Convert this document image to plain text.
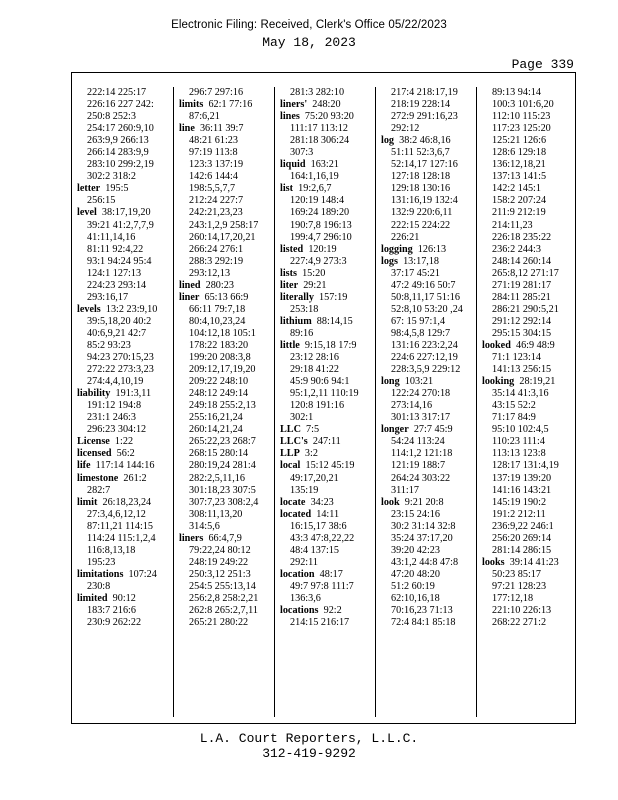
Electronic Filing: Received, Clerk's Office 05/22/2023
May 18, 2023
Page 339
222:14 225:17
226:16 227 242:
250:8 252:3
254:17 260:9,10
263:9,9 266:13
266:14 283:9,9
283:10 299:2,19
302:2 318:2
letter 195:5
256:15
level 38:17,19,20
39:21 41:2,7,7,9
41:11,14,16
81:11 92:4,22
93:1 94:24 95:4
124:1 127:13
224:23 293:14
293:16,17
levels 13:2 23:9,10
39:5,18,20 40:2
40:6,9,21 42:7
85:2 93:23
94:23 270:15,23
272:22 273:3,23
274:4,4,10,19
liability 191:3,11
191:12 194:8
231:1 246:3
296:23 304:12
License 1:22
licensed 56:2
life 117:14 144:16
limestone 261:2
282:7
limit 26:18,23,24
27:3,4,6,12,12
87:11,21 114:15
114:24 115:1,2,4
116:8,13,18
195:23
limitations 107:24
230:8
limited 90:12
183:7 216:6
230:9 262:22
296:7 297:16
limits 62:1 77:16
87:6,21
line 36:11 39:7
48:21 61:23
97:19 113:8
123:3 137:19
142:6 144:4
198:5,5,7,7
212:24 227:7
242:21,23,23
243:1,2,9 258:17
260:14,17,20,21
266:24 276:1
288:3 292:19
293:12,13
lined 280:23
liner 65:13 66:9
66:11 79:7,18
80:4,10,23,24
104:12,18 105:1
178:22 183:20
199:20 208:3,8
209:12,17,19,20
209:22 248:10
248:12 249:14
249:18 255:2,13
255:16,21,24
260:14,21,24
265:22,23 268:7
268:15 280:14
280:19,24 281:4
282:2,5,11,16
301:18,23 307:5
307:7,23 308:2,4
308:11,13,20
314:5,6
liners 66:4,7,9
79:22,24 80:12
248:19 249:22
250:3,12 251:3
254:5 255:13,14
256:2,8 258:2,21
262:8 265:2,7,11
265:21 280:22
281:3 282:10
liners' 248:20
lines 75:20 93:20
111:17 113:12
281:18 306:24
307:3
liquid 163:21
164:1,16,19
list 19:2,6,7
120:19 148:4
169:24 189:20
190:7,8 196:13
199:4,7 296:10
listed 120:19
227:4,9 273:3
lists 15:20
liter 29:21
literally 157:19
253:18
lithium 88:14,15
89:16
little 9:15,18 17:9
23:12 28:16
29:18 41:22
45:9 90:6 94:1
95:1,2,11 110:19
120:8 191:16
302:1
LLC 7:5
LLC's 247:11
LLP 3:2
local 15:12 45:19
49:17,20,21
135:19
locate 34:23
located 14:11
16:15,17 38:6
43:3 47:8,22,22
48:4 137:15
292:11
location 48:17
49:7 97:8 111:7
136:3,6
locations 92:2
214:15 216:17
217:4 218:17,19
218:19 228:14
272:9 291:16,23
292:12
log 38:2 46:8,16
51:11 52:3,6,7
52:14,17 127:16
127:18 128:18
129:18 130:16
131:16,19 132:4
132:9 220:6,11
222:15 224:22
226:21
logging 126:13
logs 13:17,18
37:17 45:21
47:2 49:16 50:7
50:8,11,17 51:16
52:8,10 53:20 ,24
67: 15 97:1,4
98:4,5,8 129:7
131:16 223:2,24
224:6 227:12,19
228:3,5,9 229:12
long 103:21
122:24 270:18
273:14,16
301:13 317:17
longer 27:7 45:9
54:24 113:24
114:1,2 121:18
121:19 188:7
264:24 303:22
311:17
look 9:21 20:8
23:15 24:16
30:2 31:14 32:8
35:24 37:17,20
39:20 42:23
43:1,2 44:8 47:8
47:20 48:20
51:2 60:19
62:10,16,18
70:16,23 71:13
72:4 84:1 85:18
89:13 94:14
100:3 101:6,20
112:10 115:23
117:23 125:20
125:21 126:6
128:6 129:18
136:12,18,21
137:13 141:5
142:2 145:1
158:2 207:24
211:9 212:19
214:11,23
226:18 235:22
236:2 244:3
248:14 260:14
265:8,12 271:17
271:19 281:17
284:11 285:21
286:21 290:5,21
291:12 292:14
295:15 304:15
looked 46:9 48:9
71:1 123:14
141:13 256:15
looking 28:19,21
35:14 41:3,16
43:15 52:2
71:17 84:9
95:10 102:4,5
110:23 111:4
113:13 123:8
128:17 131:4,19
137:19 139:20
141:16 143:21
145:19 190:2
191:2 212:11
236:9,22 246:1
256:20 269:14
281:14 286:15
looks 39:14 41:23
50:23 85:17
97:21 128:23
177:12,18
221:10 226:13
268:22 271:2
L.A. Court Reporters, L.L.C.
312-419-9292
